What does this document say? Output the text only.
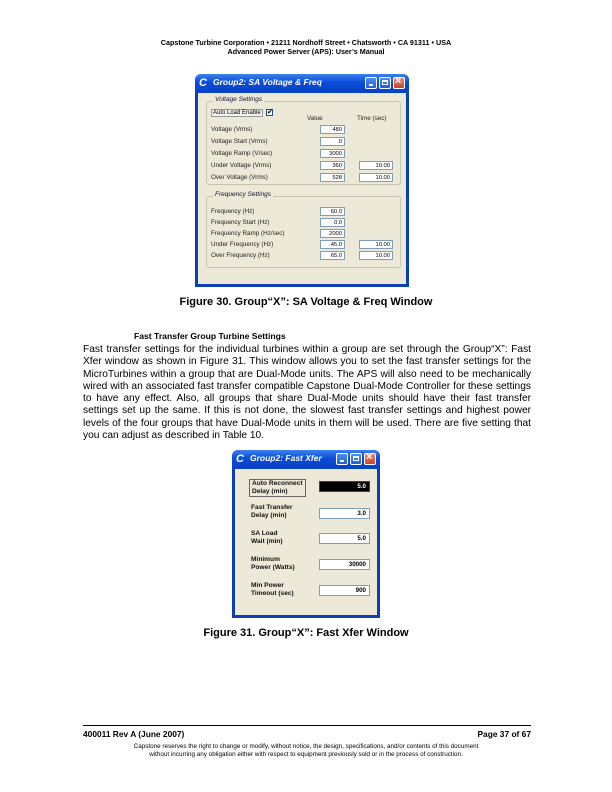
Capstone Turbine Corporation • 21211 Nordhoff Street • Chatsworth • CA 91311 • USA
Advanced Power Server (APS): User’s Manual
C Group2: SA Voltage & Freq
×
Voltage Settings
Auto Load Enable ✔
Value	Time (sec)
Voltage (Vrms)	480
Voltage Start (Vrms)	0
Voltage Ramp (V/sec)	3000
Under Voltage (Vrms)	360	10.00
Over Voltage (Vrms)	528	10.00
Frequency Settings
Frequency (Hz)	60.0
Frequency Start (Hz)	0.0
Frequency Ramp (Hz/sec)	2000
Under Frequency (Hz)	45.0	10.00
Over Frequency (Hz)	65.0	10.00
Figure 30. Group“X”: SA Voltage & Freq Window
Fast Transfer Group Turbine Settings
Fast transfer settings for the individual turbines within a group are set through the Group“X”: Fast Xfer window as shown in Figure 31. This window allows you to set the fast transfer settings for the MicroTurbines within a group that are Dual-Mode units. The APS will also need to be mechanically wired with an associated fast transfer compatible Capstone Dual-Mode Controller for these settings to have any effect. Also, all groups that share Dual-Mode units should have their fast transfer settings set up the same. If this is not done, the slowest fast transfer settings and highest power levels of the four groups that have Dual-Mode units in them will be used. There are five setting that you can adjust as described in Table 10.
C Group2: Fast Xfer
×
Auto Reconnect
Delay (min)
5.0
Fast Transfer
Delay (min)	3.0
SA Load
Wait (min)	5.0
Minimum
Power (Watts)	30000
Min Power
Timeout (sec)	900
Figure 31. Group“X”: Fast Xfer Window
400011 Rev A (June 2007)	Page 37 of 67
Capstone reserves the right to change or modify, without notice, the design, specifications, and/or contents of this document
without incurring any obligation either with respect to equipment previously sold or in the process of construction.
